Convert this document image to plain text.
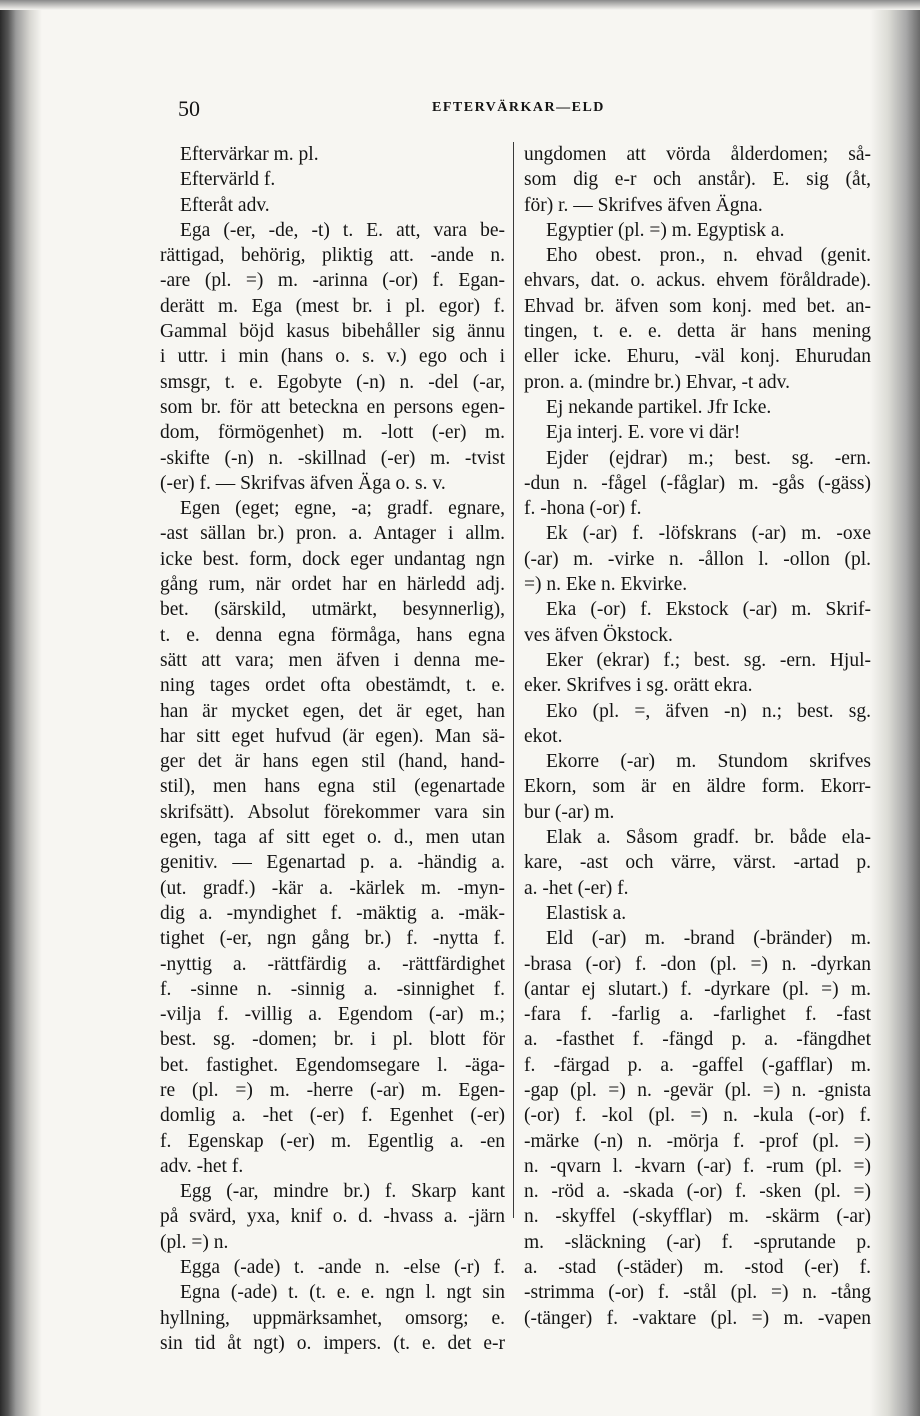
50	EFTERVÄRKAR—ELD
Eftervärkar m. pl.
Eftervärld f.
Efteråt adv.
Ega (-er, -de, -t) t. E. att, vara be-
rättigad, behörig, pliktig att. -ande n.
-are (pl. =) m. -arinna (-or) f. Egan-
derätt m. Ega (mest br. i pl. egor) f.
Gammal böjd kasus bibehåller sig ännu
i uttr. i min (hans o. s. v.) ego och i
smsgr, t. e. Egobyte (-n) n. -del (-ar,
som br. för att beteckna en persons egen-
dom, förmögenhet) m. -lott (-er) m.
-skifte (-n) n. -skillnad (-er) m. -tvist
(-er) f. — Skrifvas äfven Äga o. s. v.
Egen (eget; egne, -a; gradf. egnare,
-ast sällan br.) pron. a. Antager i allm.
icke best. form, dock eger undantag ngn
gång rum, när ordet har en härledd adj.
bet. (särskild, utmärkt, besynnerlig),
t. e. denna egna förmåga, hans egna
sätt att vara; men äfven i denna me-
ning tages ordet ofta obestämdt, t. e.
han är mycket egen, det är eget, han
har sitt eget hufvud (är egen). Man sä-
ger det är hans egen stil (hand, hand-
stil), men hans egna stil (egenartade
skrifsätt). Absolut förekommer vara sin
egen, taga af sitt eget o. d., men utan
genitiv. — Egenartad p. a. -händig a.
(ut. gradf.) -kär a. -kärlek m. -myn-
dig a. -myndighet f. -mäktig a. -mäk-
tighet (-er, ngn gång br.) f. -nytta f.
-nyttig a. -rättfärdig a. -rättfärdighet
f. -sinne n. -sinnig a. -sinnighet f.
-vilja f. -villig a. Egendom (-ar) m.;
best. sg. -domen; br. i pl. blott för
bet. fastighet. Egendomsegare l. -äga-
re (pl. =) m. -herre (-ar) m. Egen-
domlig a. -het (-er) f. Egenhet (-er)
f. Egenskap (-er) m. Egentlig a. -en
adv. -het f.
Egg (-ar, mindre br.) f. Skarp kant
på svärd, yxa, knif o. d. -hvass a. -järn
(pl. =) n.
Egga (-ade) t. -ande n. -else (-r) f.
Egna (-ade) t. (t. e. e. ngn l. ngt sin
hyllning, uppmärksamhet, omsorg; e.
sin tid åt ngt) o. impers. (t. e. det e-r
ungdomen att vörda ålderdomen; så-
som dig e-r och anstår). E. sig (åt,
för) r. — Skrifves äfven Ägna.
Egyptier (pl. =) m. Egyptisk a.
Eho obest. pron., n. ehvad (genit.
ehvars, dat. o. ackus. ehvem föråldrade).
Ehvad br. äfven som konj. med bet. an-
tingen, t. e. e. detta är hans mening
eller icke. Ehuru, -väl konj. Ehurudan
pron. a. (mindre br.) Ehvar, -t adv.
Ej nekande partikel. Jfr Icke.
Eja interj. E. vore vi där!
Ejder (ejdrar) m.; best. sg. -ern.
-dun n. -fågel (-fåglar) m. -gås (-gäss)
f. -hona (-or) f.
Ek (-ar) f. -löfskrans (-ar) m. -oxe
(-ar) m. -virke n. -ållon l. -ollon (pl.
=) n. Eke n. Ekvirke.
Eka (-or) f. Ekstock (-ar) m. Skrif-
ves äfven Ökstock.
Eker (ekrar) f.; best. sg. -ern. Hjul-
eker. Skrifves i sg. orätt ekra.
Eko (pl. =, äfven -n) n.; best. sg.
ekot.
Ekorre (-ar) m. Stundom skrifves
Ekorn, som är en äldre form. Ekorr-
bur (-ar) m.
Elak a. Såsom gradf. br. både ela-
kare, -ast och värre, värst. -artad p.
a. -het (-er) f.
Elastisk a.
Eld (-ar) m. -brand (-bränder) m.
-brasa (-or) f. -don (pl. =) n. -dyrkan
(antar ej slutart.) f. -dyrkare (pl. =) m.
-fara f. -farlig a. -farlighet f. -fast
a. -fasthet f. -fängd p. a. -fängdhet
f. -färgad p. a. -gaffel (-gafflar) m.
-gap (pl. =) n. -gevär (pl. =) n. -gnista
(-or) f. -kol (pl. =) n. -kula (-or) f.
-märke (-n) n. -mörja f. -prof (pl. =)
n. -qvarn l. -kvarn (-ar) f. -rum (pl. =)
n. -röd a. -skada (-or) f. -sken (pl. =)
n. -skyffel (-skyfflar) m. -skärm (-ar)
m. -släckning (-ar) f. -sprutande p.
a. -stad (-städer) m. -stod (-er) f.
-strimma (-or) f. -stål (pl. =) n. -tång
(-tänger) f. -vaktare (pl. =) m. -vapen
